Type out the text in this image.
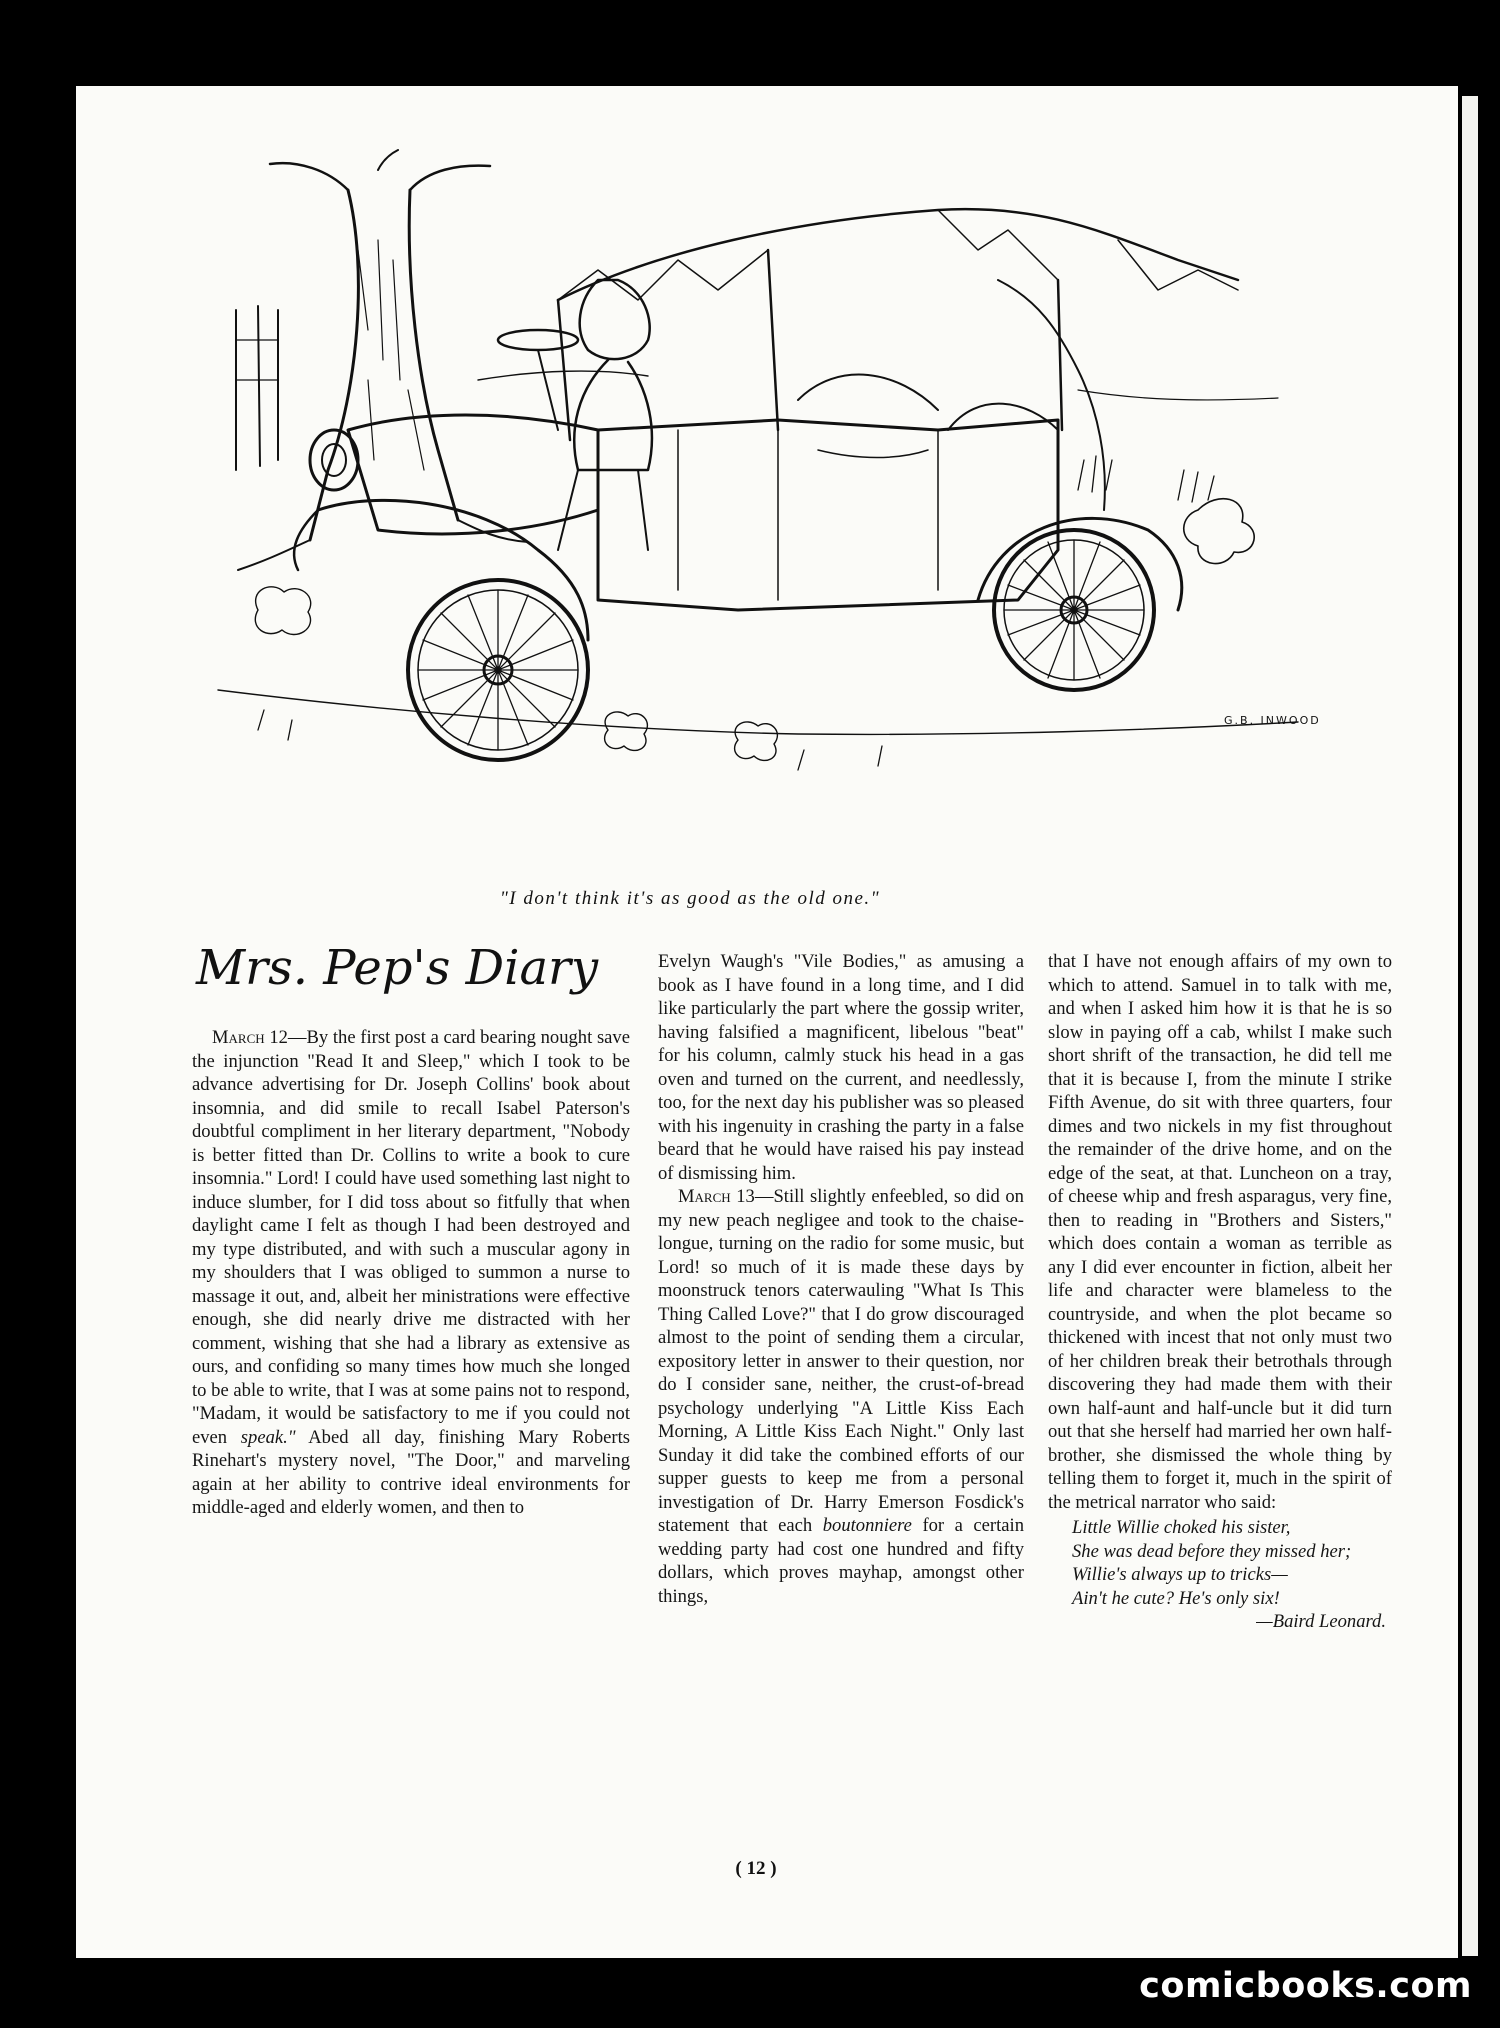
G.B. INWOOD
"I don't think it's as good as the old one."
Mrs. Pep's Diary

March 12—By the first post a card bearing nought save the injunction "Read It and Sleep," which I took to be advance advertising for Dr. Joseph Collins' book about insomnia, and did smile to recall Isabel Paterson's doubtful compliment in her literary department, "Nobody is better fitted than Dr. Collins to write a book to cure insomnia." Lord! I could have used something last night to induce slumber, for I did toss about so fitfully that when daylight came I felt as though I had been destroyed and my type distributed, and with such a muscular agony in my shoulders that I was obliged to summon a nurse to massage it out, and, albeit her ministrations were effective enough, she did nearly drive me distracted with her comment, wishing that she had a library as extensive as ours, and confiding so many times how much she longed to be able to write, that I was at some pains not to respond, "Madam, it would be satisfactory to me if you could not even speak." Abed all day, finishing Mary Roberts Rinehart's mystery novel, "The Door," and marveling again at her ability to contrive ideal environments for middle-aged and elderly women, and then to

Evelyn Waugh's "Vile Bodies," as amusing a book as I have found in a long time, and I did like particularly the part where the gossip writer, having falsified a magnificent, libelous "beat" for his column, calmly stuck his head in a gas oven and turned on the current, and needlessly, too, for the next day his publisher was so pleased with his ingenuity in crashing the party in a false beard that he would have raised his pay instead of dismissing him.

March 13—Still slightly enfeebled, so did on my new peach negligee and took to the chaise-longue, turning on the radio for some music, but Lord! so much of it is made these days by moonstruck tenors caterwauling "What Is This Thing Called Love?" that I do grow discouraged almost to the point of sending them a circular, expository letter in answer to their question, nor do I consider sane, neither, the crust-of-bread psychology underlying "A Little Kiss Each Morning, A Little Kiss Each Night." Only last Sunday it did take the combined efforts of our supper guests to keep me from a personal investigation of Dr. Harry Emerson Fosdick's statement that each boutonniere for a certain wedding party had cost one hundred and fifty dollars, which proves mayhap, amongst other things,

that I have not enough affairs of my own to which to attend. Samuel in to talk with me, and when I asked him how it is that he is so slow in paying off a cab, whilst I make such short shrift of the transaction, he did tell me that it is because I, from the minute I strike Fifth Avenue, do sit with three quarters, four dimes and two nickels in my fist throughout the remainder of the drive home, and on the edge of the seat, at that. Luncheon on a tray, of cheese whip and fresh asparagus, very fine, then to reading in "Brothers and Sisters," which does contain a woman as terrible as any I did ever encounter in fiction, albeit her life and character were blameless to the countryside, and when the plot became so thickened with incest that not only must two of her children break their betrothals through discovering they had made them with their own half-aunt and half-uncle but it did turn out that she herself had married her own half-brother, she dismissed the whole thing by telling them to forget it, much in the spirit of the metrical narrator who said:

Little Willie choked his sister,
She was dead before they missed her;
Willie's always up to tricks—
Ain't he cute? He's only six!
—Baird Leonard.
( 12 )
comicbooks.com
